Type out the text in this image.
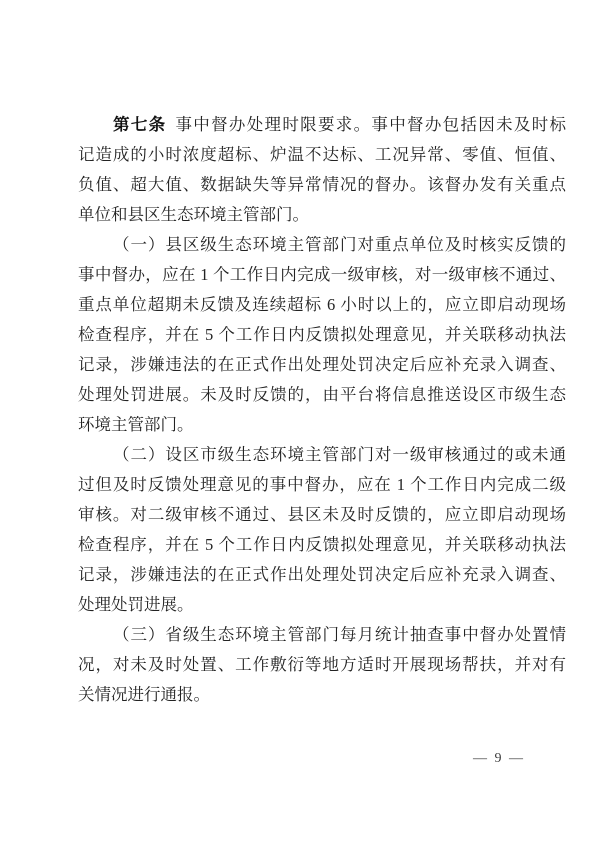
第七条 事中督办处理时限要求。事中督办包括因未及时标
记造成的小时浓度超标、炉温不达标、工况异常、零值、恒值、
负值、超大值、数据缺失等异常情况的督办。该督办发有关重点
单位和县区生态环境主管部门。
（一）县区级生态环境主管部门对重点单位及时核实反馈的
事中督办，应在 1 个工作日内完成一级审核，对一级审核不通过、
重点单位超期未反馈及连续超标 6 小时以上的，应立即启动现场
检查程序，并在 5 个工作日内反馈拟处理意见，并关联移动执法
记录，涉嫌违法的在正式作出处理处罚决定后应补充录入调查、
处理处罚进展。未及时反馈的，由平台将信息推送设区市级生态
环境主管部门。
（二）设区市级生态环境主管部门对一级审核通过的或未通
过但及时反馈处理意见的事中督办，应在 1 个工作日内完成二级
审核。对二级审核不通过、县区未及时反馈的，应立即启动现场
检查程序，并在 5 个工作日内反馈拟处理意见，并关联移动执法
记录，涉嫌违法的在正式作出处理处罚决定后应补充录入调查、
处理处罚进展。
（三）省级生态环境主管部门每月统计抽查事中督办处置情
况，对未及时处置、工作敷衍等地方适时开展现场帮扶，并对有
关情况进行通报。
— 9 —
